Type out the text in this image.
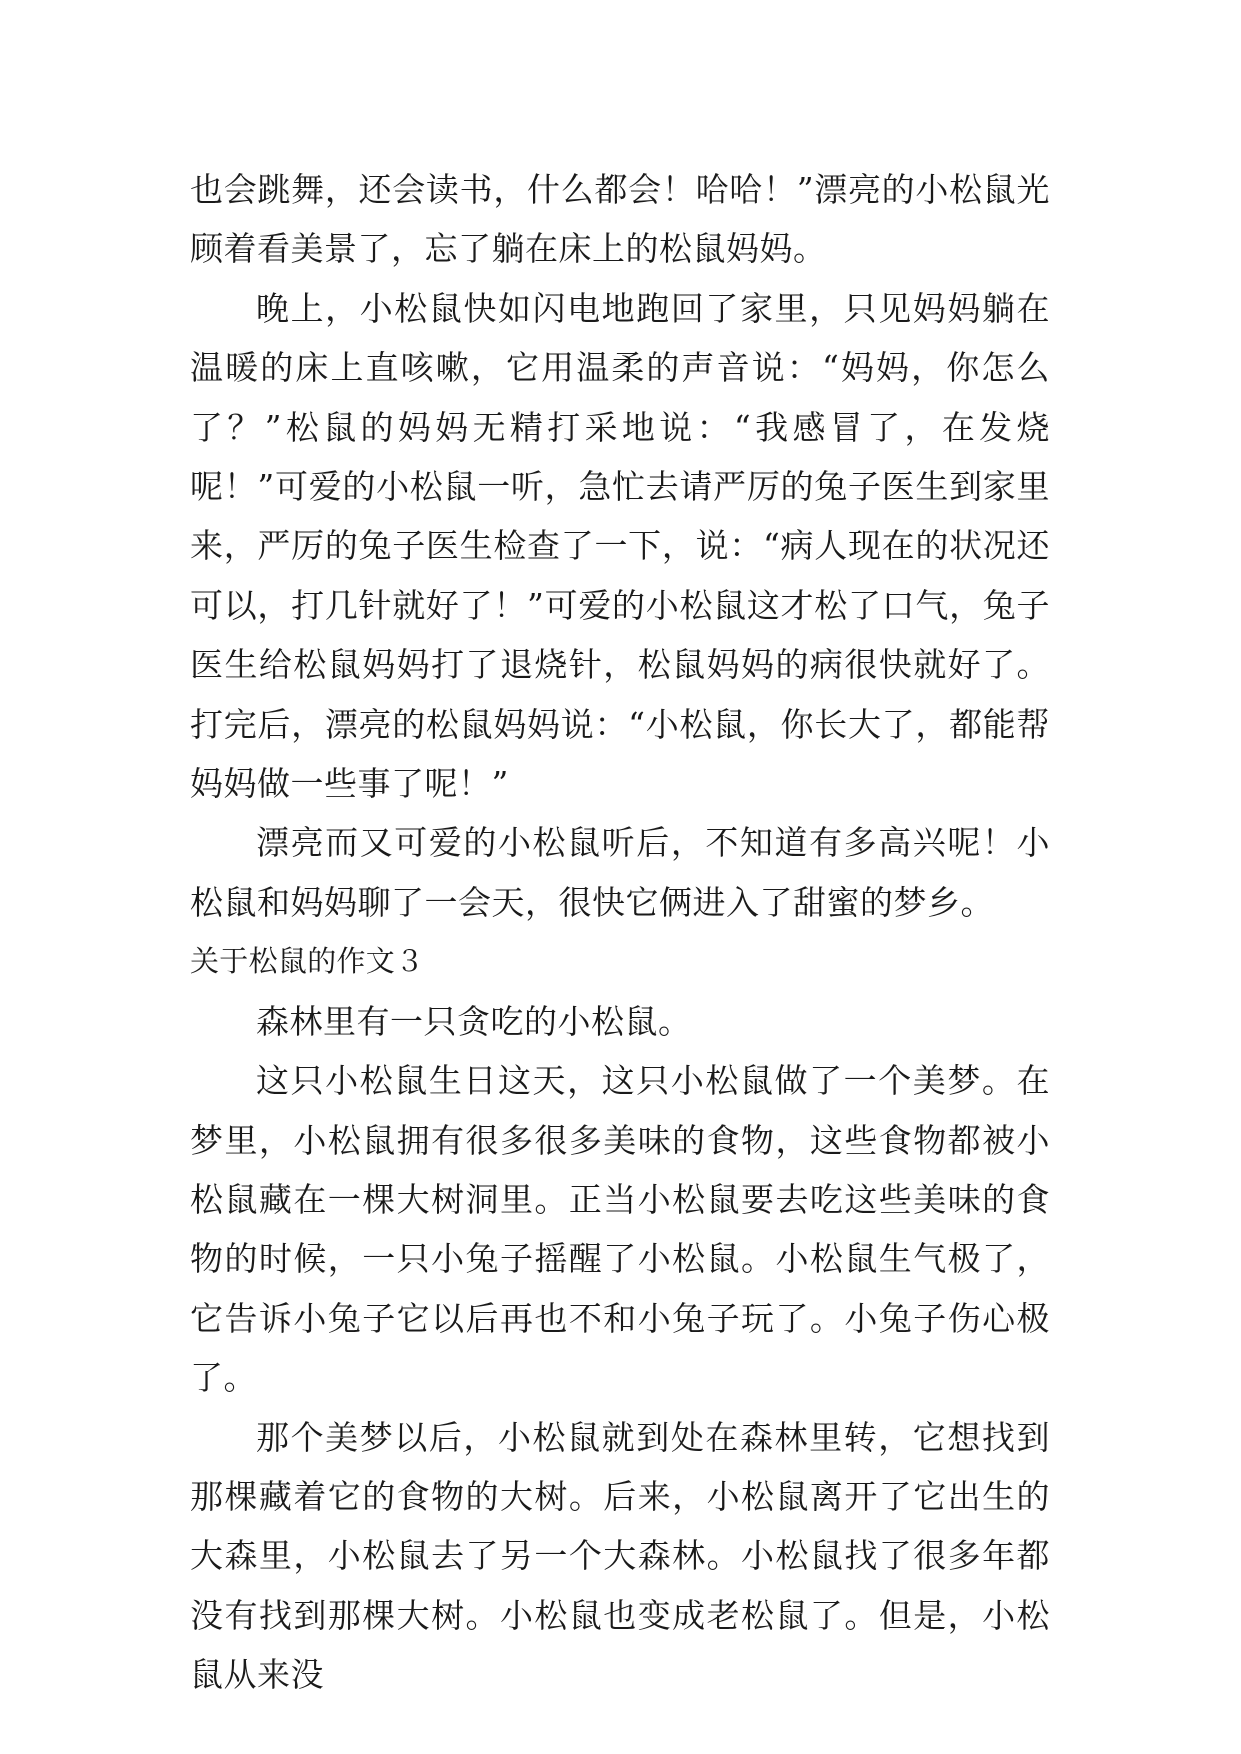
也会跳舞，还会读书，什么都会！哈哈！”漂亮的小松鼠光顾着看美景了，忘了躺在床上的松鼠妈妈。

晚上，小松鼠快如闪电地跑回了家里，只见妈妈躺在温暖的床上直咳嗽，它用温柔的声音说：“妈妈，你怎么了？”松鼠的妈妈无精打采地说：“我感冒了，在发烧呢！”可爱的小松鼠一听，急忙去请严厉的兔子医生到家里来，严厉的兔子医生检查了一下，说：“病人现在的状况还可以，打几针就好了！”可爱的小松鼠这才松了口气，兔子医生给松鼠妈妈打了退烧针，松鼠妈妈的病很快就好了。打完后，漂亮的松鼠妈妈说：“小松鼠，你长大了，都能帮妈妈做一些事了呢！”

漂亮而又可爱的小松鼠听后，不知道有多高兴呢！小松鼠和妈妈聊了一会天，很快它俩进入了甜蜜的梦乡。

关于松鼠的作文３

森林里有一只贪吃的小松鼠。

这只小松鼠生日这天，这只小松鼠做了一个美梦。在梦里，小松鼠拥有很多很多美味的食物，这些食物都被小松鼠藏在一棵大树洞里。正当小松鼠要去吃这些美味的食物的时候，一只小兔子摇醒了小松鼠。小松鼠生气极了，它告诉小兔子它以后再也不和小兔子玩了。小兔子伤心极了。

那个美梦以后，小松鼠就到处在森林里转，它想找到那棵藏着它的食物的大树。后来，小松鼠离开了它出生的大森里，小松鼠去了另一个大森林。小松鼠找了很多年都没有找到那棵大树。小松鼠也变成老松鼠了。但是，小松鼠从来没
